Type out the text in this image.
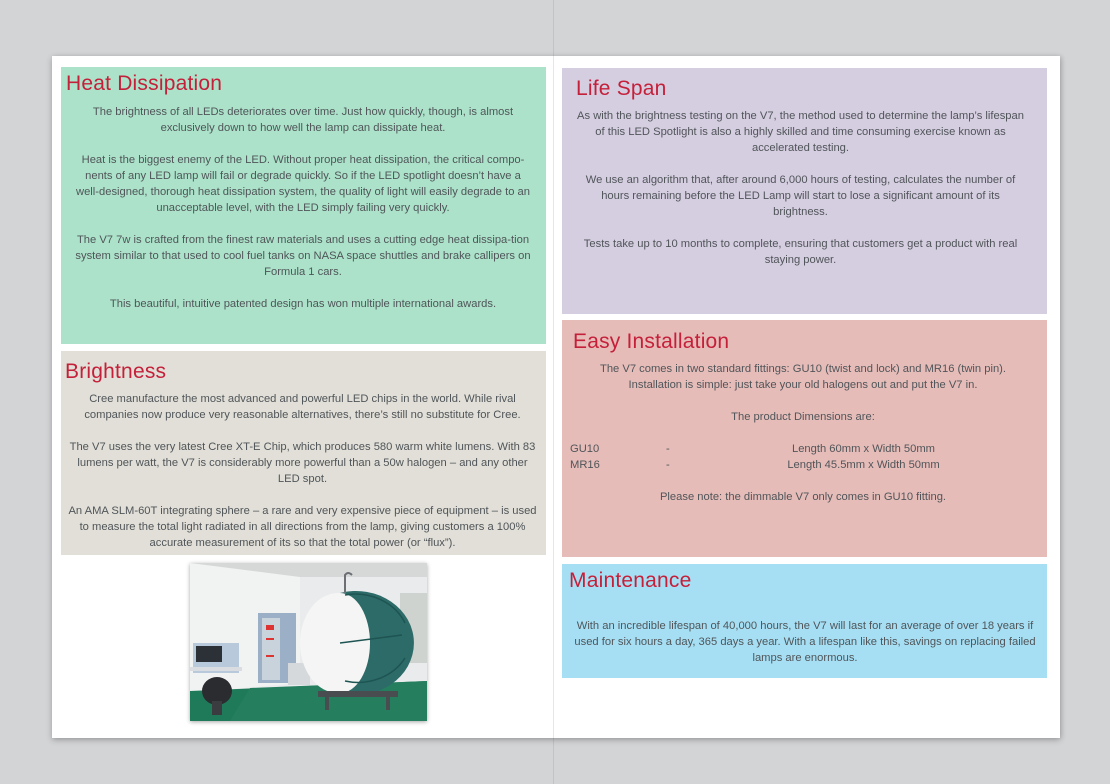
Heat Dissipation

The brightness of all LEDs deteriorates over time. Just how quickly, though, is almost exclusively down to how well the lamp can dissipate heat.

Heat is the biggest enemy of the LED. Without proper heat dissipation, the critical compo-nents of any LED lamp will fail or degrade quickly. So if the LED spotlight doesn’t have a well-designed, thorough heat dissipation system, the quality of light will easily degrade to an unacceptable level, with the LED simply failing very quickly.

The V7 7w is crafted from the finest raw materials and uses a cutting edge heat dissipa-tion system similar to that used to cool fuel tanks on NASA space shuttles and brake callipers on Formula 1 cars.

This beautiful, intuitive patented design has won multiple international awards.

Brightness

Cree manufacture the most advanced and powerful LED chips in the world. While rival companies now produce very reasonable alternatives, there’s still no substitute for Cree.

The V7 uses the very latest Cree XT-E Chip, which produces 580 warm white lumens. With 83 lumens per watt, the V7 is considerably more powerful than a 50w halogen – and any other LED spot.

An AMA SLM-60T integrating sphere – a rare and very expensive piece of equipment – is used to measure the total light radiated in all directions from the lamp, giving customers a 100% accurate measurement of its so that the total power (or “flux”).

Life Span

As with the brightness testing on the V7, the method used to determine the lamp’s lifespan of this LED Spotlight is also a highly skilled and time consuming exercise known as accelerated testing.

We use an algorithm that, after around 6,000 hours of testing, calculates the number of hours remaining before the LED Lamp will start to lose a significant amount of its brightness.

Tests take up to 10 months to complete, ensuring that customers get a product with real staying power.

Easy Installation

The V7 comes in two standard fittings: GU10 (twist and lock) and MR16 (twin pin). Installation is simple: just take your old halogens out and put the V7 in.

The product Dimensions are:

GU10	-	Length 60mm x Width 50mm
MR16	-	Length 45.5mm x Width 50mm

Please note: the dimmable V7 only comes in GU10 fitting.

Maintenance

With an incredible lifespan of 40,000 hours, the V7 will last for an average of over 18 years if used for six hours a day, 365 days a year. With a lifespan like this, savings on replacing failed lamps are enormous.
